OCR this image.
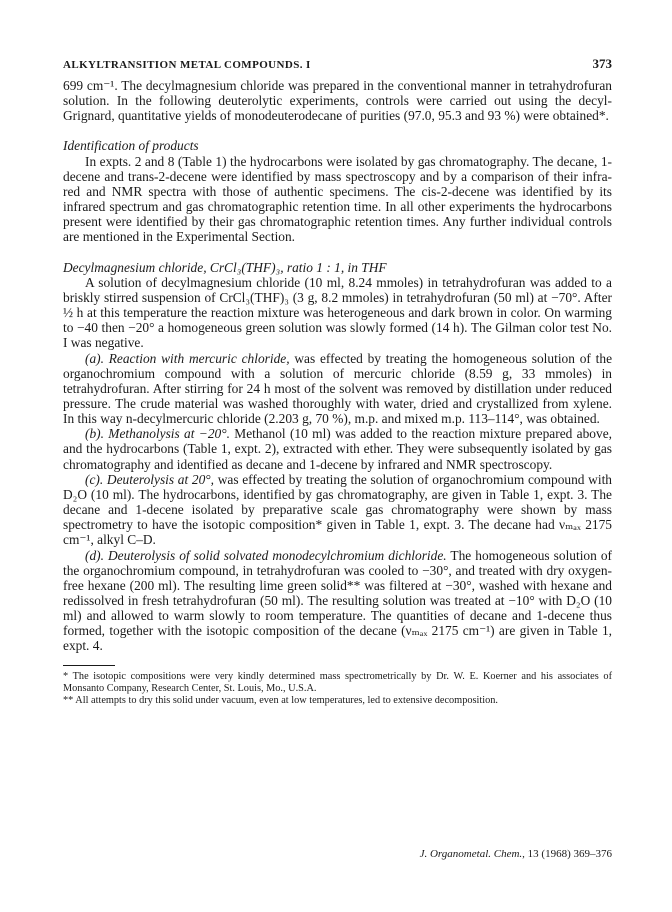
ALKYLTRANSITION METAL COMPOUNDS. I	373

699 cm⁻¹. The decylmagnesium chloride was prepared in the conventional manner in tetrahydrofuran solution. In the following deuterolytic experiments, controls were carried out using the decyl-Grignard, quantitative yields of monodeuterodecane of purities (97.0, 95.3 and 93 %) were obtained*.

Identification of products

In expts. 2 and 8 (Table 1) the hydrocarbons were isolated by gas chromatography. The decane, 1-decene and trans-2-decene were identified by mass spectroscopy and by a comparison of their infra-red and NMR spectra with those of authentic specimens. The cis-2-decene was identified by its infrared spectrum and gas chromatographic retention time. In all other experiments the hydrocarbons present were identified by their gas chromatographic retention times. Any further individual controls are mentioned in the Experimental Section.

Decylmagnesium chloride, CrCl₃(THF)₃, ratio 1 : 1, in THF

A solution of decylmagnesium chloride (10 ml, 8.24 mmoles) in tetrahydrofuran was added to a briskly stirred suspension of CrCl₃(THF)₃ (3 g, 8.2 mmoles) in tetrahydrofuran (50 ml) at −70°. After ½ h at this temperature the reaction mixture was heterogeneous and dark brown in color. On warming to −40 then −20° a homogeneous green solution was slowly formed (14 h). The Gilman color test No. I was negative.

(a). Reaction with mercuric chloride, was effected by treating the homogeneous solution of the organochromium compound with a solution of mercuric chloride (8.59 g, 33 mmoles) in tetrahydrofuran. After stirring for 24 h most of the solvent was removed by distillation under reduced pressure. The crude material was washed thoroughly with water, dried and crystallized from xylene. In this way n-decylmercuric chloride (2.203 g, 70 %), m.p. and mixed m.p. 113–114°, was obtained.

(b). Methanolysis at −20°. Methanol (10 ml) was added to the reaction mixture prepared above, and the hydrocarbons (Table 1, expt. 2), extracted with ether. They were subsequently isolated by gas chromatography and identified as decane and 1-decene by infrared and NMR spectroscopy.

(c). Deuterolysis at 20°, was effected by treating the solution of organochromium compound with D₂O (10 ml). The hydrocarbons, identified by gas chromatography, are given in Table 1, expt. 3. The decane and 1-decene isolated by preparative scale gas chromatography were shown by mass spectrometry to have the isotopic composition* given in Table 1, expt. 3. The decane had νₘₐₓ 2175 cm⁻¹, alkyl C–D.

(d). Deuterolysis of solid solvated monodecylchromium dichloride. The homogeneous solution of the organochromium compound, in tetrahydrofuran was cooled to −30°, and treated with dry oxygen-free hexane (200 ml). The resulting lime green solid** was filtered at −30°, washed with hexane and redissolved in fresh tetrahydrofuran (50 ml). The resulting solution was treated at −10° with D₂O (10 ml) and allowed to warm slowly to room temperature. The quantities of decane and 1-decene thus formed, together with the isotopic composition of the decane (νₘₐₓ 2175 cm⁻¹) are given in Table 1, expt. 4.

* The isotopic compositions were very kindly determined mass spectrometrically by Dr. W. E. Koerner and his associates of Monsanto Company, Research Center, St. Louis, Mo., U.S.A.

** All attempts to dry this solid under vacuum, even at low temperatures, led to extensive decomposition.

J. Organometal. Chem., 13 (1968) 369–376
